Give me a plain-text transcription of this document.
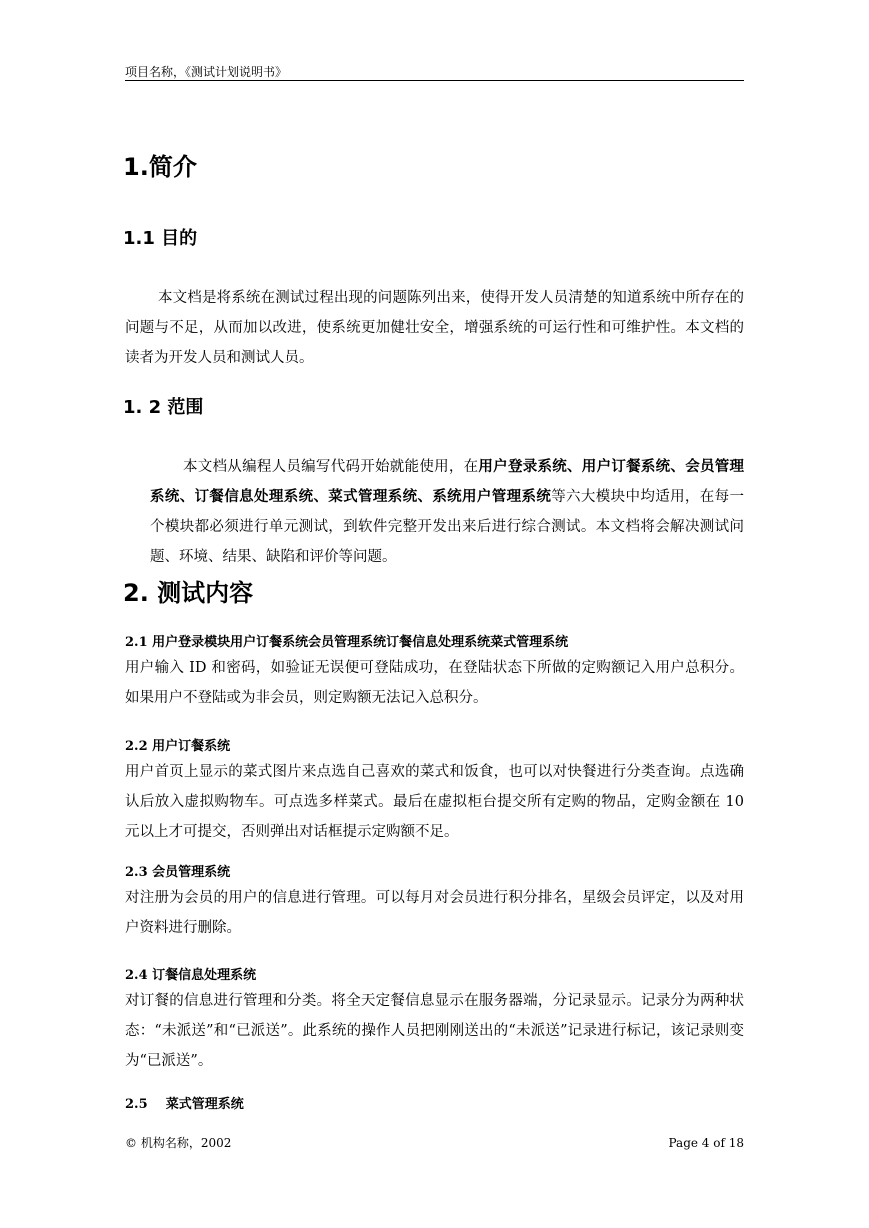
项目名称，《测试计划说明书》
1.简介
1.1 目的

本文档是将系统在测试过程出现的问题陈列出来，使得开发人员清楚的知道系统中所存在的问题与不足，从而加以改进，使系统更加健壮安全，增强系统的可运行性和可维护性。本文档的读者为开发人员和测试人员。

1. 2 范围

本文档从编程人员编写代码开始就能使用，在用户登录系统、用户订餐系统、会员管理系统、订餐信息处理系统、菜式管理系统、系统用户管理系统等六大模块中均适用，在每一个模块都必须进行单元测试，到软件完整开发出来后进行综合测试。本文档将会解决测试问题、环境、结果、缺陷和评价等问题。

2. 测试内容
2.1 用户登录模块用户订餐系统会员管理系统订餐信息处理系统菜式管理系统

用户输入 ID 和密码，如验证无误便可登陆成功，在登陆状态下所做的定购额记入用户总积分。如果用户不登陆或为非会员，则定购额无法记入总积分。

2.2 用户订餐系统

用户首页上显示的菜式图片来点选自己喜欢的菜式和饭食，也可以对快餐进行分类查询。点选确认后放入虚拟购物车。可点选多样菜式。最后在虚拟柜台提交所有定购的物品，定购金额在 10 元以上才可提交，否则弹出对话框提示定购额不足。

2.3 会员管理系统

对注册为会员的用户的信息进行管理。可以每月对会员进行积分排名，星级会员评定，以及对用户资料进行删除。

2.4 订餐信息处理系统

对订餐的信息进行管理和分类。将全天定餐信息显示在服务器端，分记录显示。记录分为两种状态：“未派送”和“已派送”。此系统的操作人员把刚刚送出的“未派送”记录进行标记，该记录则变为“已派送”。

2.5    菜式管理系统
© 机构名称，2002	Page 4 of 18
